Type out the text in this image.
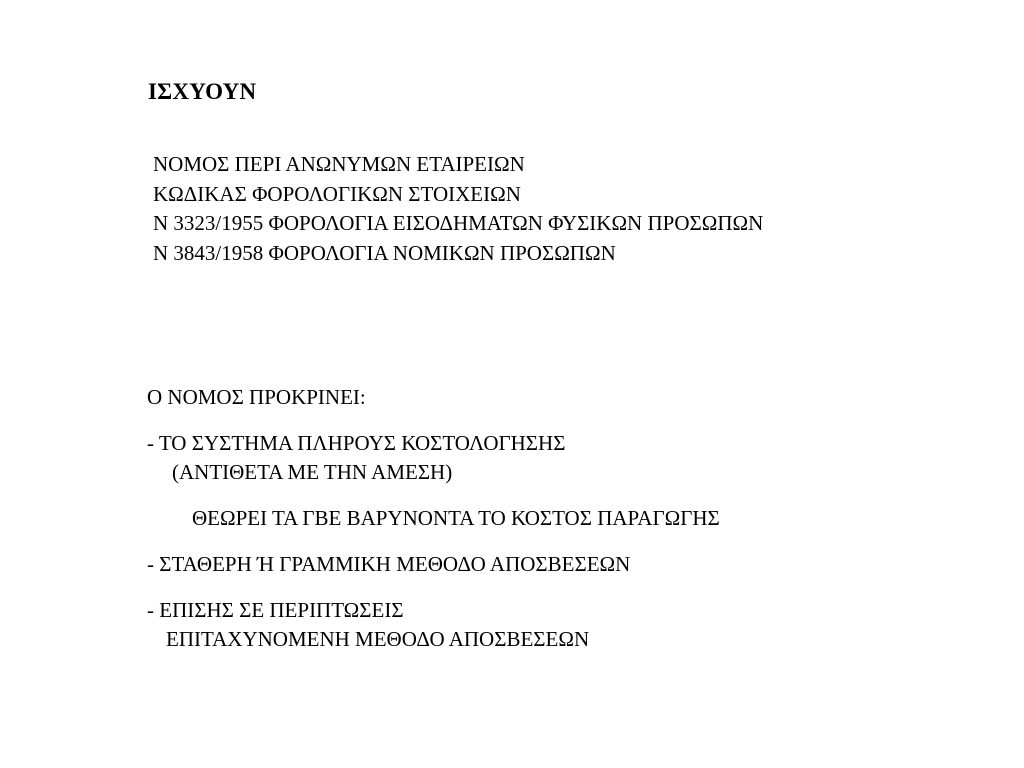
ΙΣΧΥΟΥΝ
ΝΟΜΟΣ ΠΕΡΙ ΑΝΩΝΥΜΩΝ ΕΤΑΙΡΕΙΩΝ
ΚΩΔΙΚΑΣ ΦΟΡΟΛΟΓΙΚΩΝ ΣΤΟΙΧΕΙΩΝ
Ν 3323/1955 ΦΟΡΟΛΟΓΙΑ ΕΙΣΟΔΗΜΑΤΩΝ ΦΥΣΙΚΩΝ ΠΡΟΣΩΠΩΝ
Ν 3843/1958 ΦΟΡΟΛΟΓΙΑ ΝΟΜΙΚΩΝ ΠΡΟΣΩΠΩΝ
Ο ΝΟΜΟΣ ΠΡΟΚΡΙΝΕΙ:
- ΤΟ ΣΥΣΤΗΜΑ ΠΛΗΡΟΥΣ ΚΟΣΤΟΛΟΓΗΣΗΣ
(ΑΝΤΙΘΕΤΑ ΜΕ ΤΗΝ ΑΜΕΣΗ)
ΘΕΩΡΕΙ ΤΑ ΓΒΕ ΒΑΡΥΝΟΝΤΑ ΤΟ ΚΟΣΤΟΣ ΠΑΡΑΓΩΓΗΣ
- ΣΤΑΘΕΡΗ Ή ΓΡΑΜΜΙΚΗ ΜΕΘΟΔΟ ΑΠΟΣΒΕΣΕΩΝ
- ΕΠΙΣΗΣ ΣΕ ΠΕΡΙΠΤΩΣΕΙΣ
ΕΠΙΤΑΧΥΝΟΜΕΝΗ ΜΕΘΟΔΟ ΑΠΟΣΒΕΣΕΩΝ
